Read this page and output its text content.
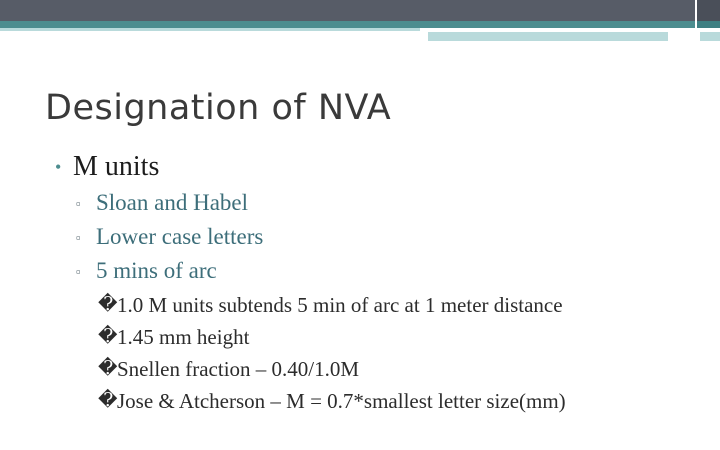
Designation of NVA
• M units
▫ Sloan and Habel
▫ Lower case letters
▫ 5 mins of arc
� 1.0 M units subtends 5 min of arc at 1 meter distance
� 1.45 mm height
� Snellen fraction – 0.40/1.0M
� Jose & Atcherson – M = 0.7*smallest letter size(mm)
